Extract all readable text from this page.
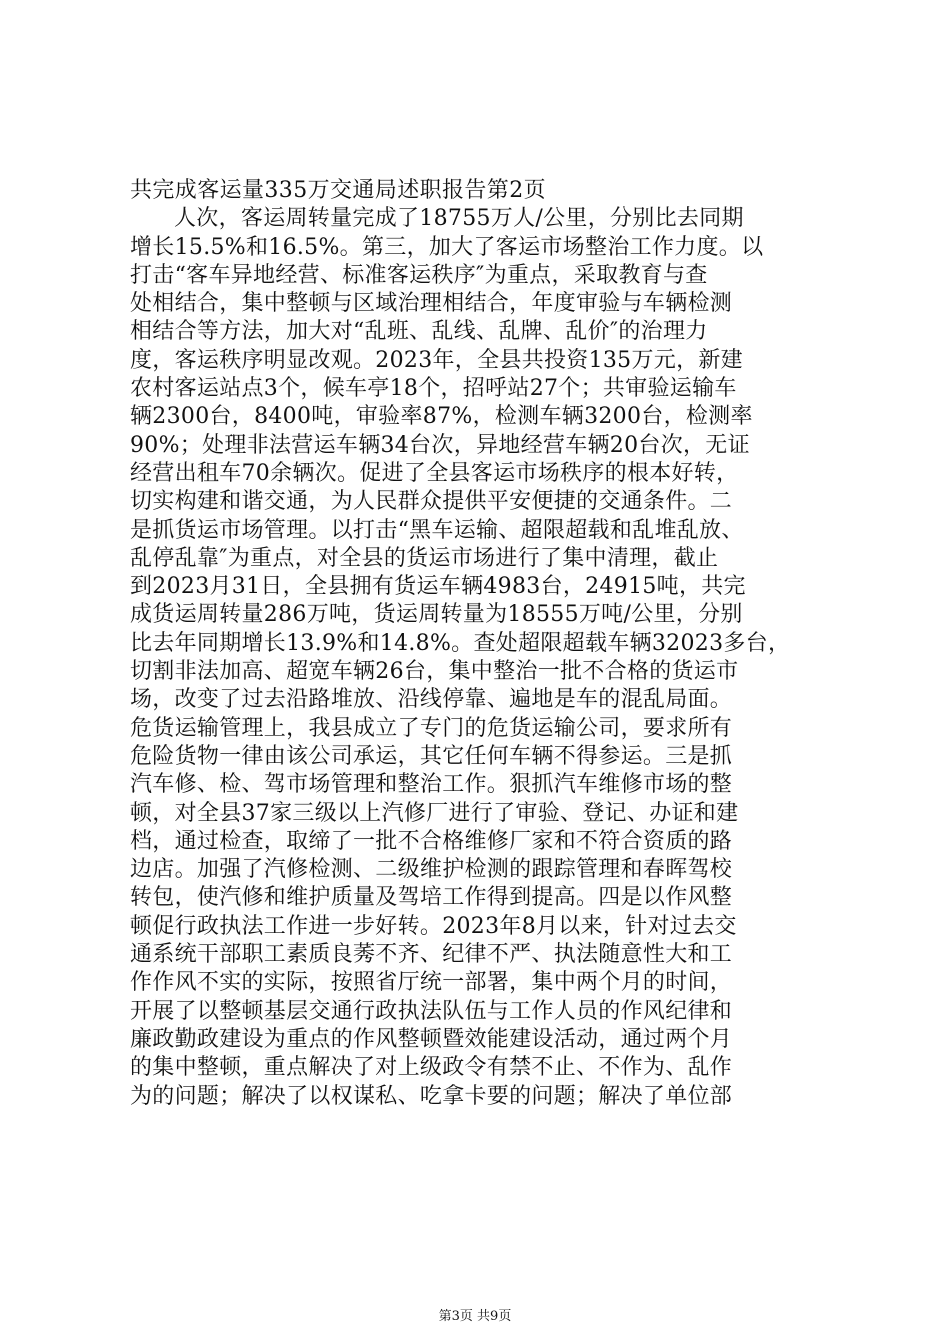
共完成客运量335万交通局述职报告第2页
人次，客运周转量完成了18755万人/公里，分别比去同期
增长15.5%和16.5%。第三，加大了客运市场整治工作力度。以
打击“客车异地经营、标准客运秩序″为重点，采取教育与查
处相结合，集中整顿与区域治理相结合，年度审验与车辆检测
相结合等方法，加大对“乱班、乱线、乱牌、乱价″的治理力
度，客运秩序明显改观。2023年，全县共投资135万元，新建
农村客运站点3个，候车亭18个，招呼站27个；共审验运输车
辆2300台，8400吨，审验率87%，检测车辆3200台，检测率
90%；处理非法营运车辆34台次，异地经营车辆20台次，无证
经营出租车70余辆次。促进了全县客运市场秩序的根本好转，
切实构建和谐交通，为人民群众提供平安便捷的交通条件。二
是抓货运市场管理。以打击“黑车运输、超限超载和乱堆乱放、
乱停乱靠″为重点，对全县的货运市场进行了集中清理，截止
到2023月31日，全县拥有货运车辆4983台，24915吨，共完
成货运周转量286万吨，货运周转量为18555万吨/公里，分别
比去年同期增长13.9%和14.8%。查处超限超载车辆32023多台，
切割非法加高、超宽车辆26台，集中整治一批不合格的货运市
场，改变了过去沿路堆放、沿线停靠、遍地是车的混乱局面。
危货运输管理上，我县成立了专门的危货运输公司，要求所有
危险货物一律由该公司承运，其它任何车辆不得参运。三是抓
汽车修、检、驾市场管理和整治工作。狠抓汽车维修市场的整
顿，对全县37家三级以上汽修厂进行了审验、登记、办证和建
档，通过检查，取缔了一批不合格维修厂家和不符合资质的路
边店。加强了汽修检测、二级维护检测的跟踪管理和春晖驾校
转包，使汽修和维护质量及驾培工作得到提高。四是以作风整
顿促行政执法工作进一步好转。2023年8月以来，针对过去交
通系统干部职工素质良莠不齐、纪律不严、执法随意性大和工
作作风不实的实际，按照省厅统一部署，集中两个月的时间，
开展了以整顿基层交通行政执法队伍与工作人员的作风纪律和
廉政勤政建设为重点的作风整顿暨效能建设活动，通过两个月
的集中整顿，重点解决了对上级政令有禁不止、不作为、乱作
为的问题；解决了以权谋私、吃拿卡要的问题；解决了单位部
第3页 共9页
